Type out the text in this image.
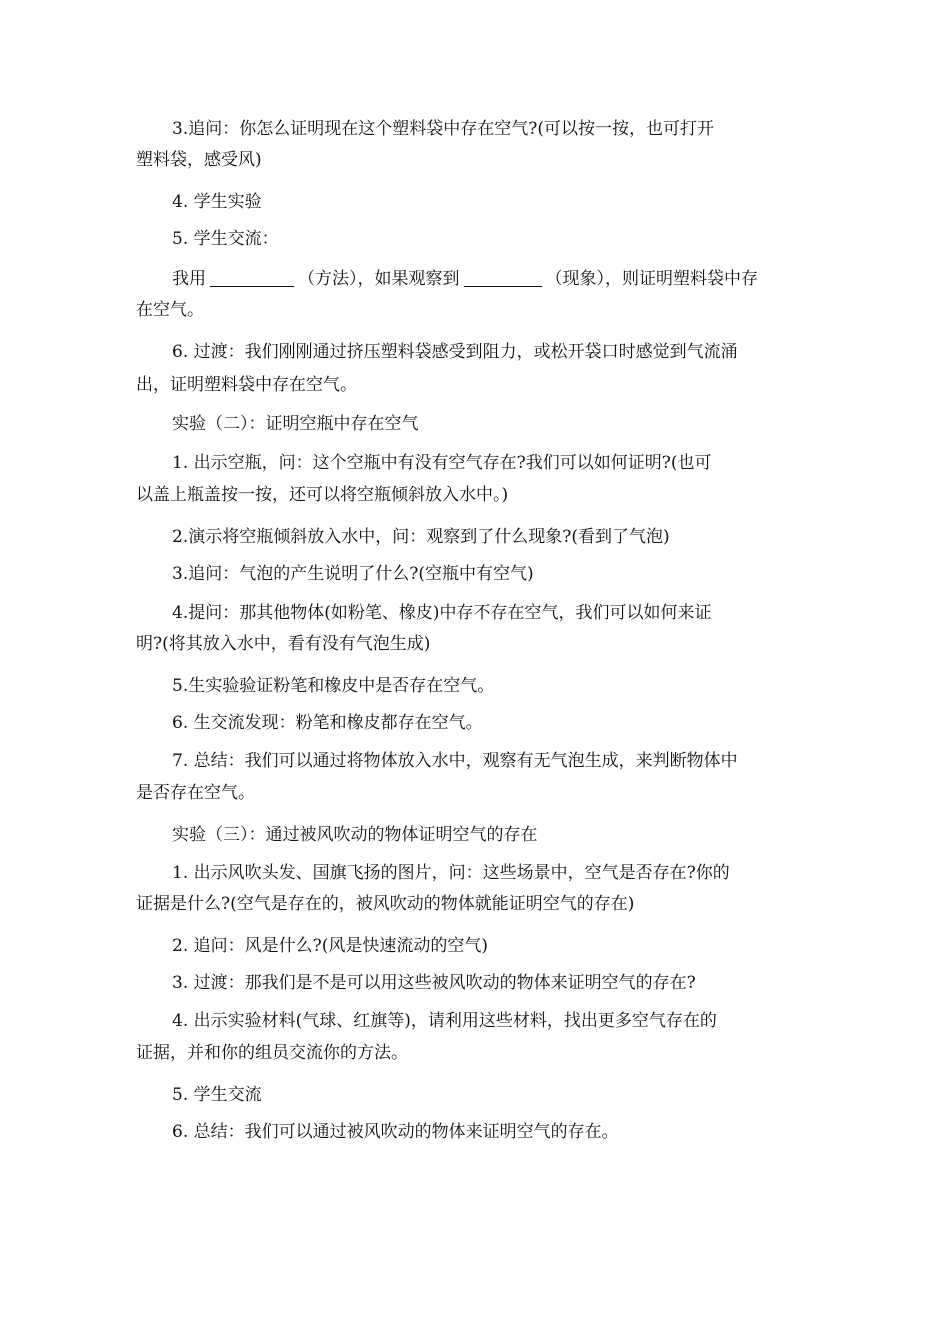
3.追问：你怎么证明现在这个塑料袋中存在空气?(可以按一按，也可打开
塑料袋，感受风)
4. 学生实验
5. 学生交流：
我用	（方法），如果观察到	（现象），则证明塑料袋中存
在空气。
6. 过渡：我们刚刚通过挤压塑料袋感受到阻力，或松开袋口时感觉到气流涌
出，证明塑料袋中存在空气。
实验（二）：证明空瓶中存在空气
1. 出示空瓶，问：这个空瓶中有没有空气存在?我们可以如何证明?(也可
以盖上瓶盖按一按，还可以将空瓶倾斜放入水中。)
2.演示将空瓶倾斜放入水中，问：观察到了什么现象?(看到了气泡)
3.追问：气泡的产生说明了什么?(空瓶中有空气)
4.提问：那其他物体(如粉笔、橡皮)中存不存在空气，我们可以如何来证
明?(将其放入水中，看有没有气泡生成)
5.生实验验证粉笔和橡皮中是否存在空气。
6. 生交流发现：粉笔和橡皮都存在空气。
7. 总结：我们可以通过将物体放入水中，观察有无气泡生成，来判断物体中
是否存在空气。
实验（三）：通过被风吹动的物体证明空气的存在
1. 出示风吹头发、国旗飞扬的图片，问：这些场景中，空气是否存在?你的
证据是什么?(空气是存在的，被风吹动的物体就能证明空气的存在)
2. 追问：风是什么?(风是快速流动的空气)
3. 过渡：那我们是不是可以用这些被风吹动的物体来证明空气的存在?
4. 出示实验材料(气球、红旗等)，请利用这些材料，找出更多空气存在的
证据，并和你的组员交流你的方法。
5. 学生交流
6. 总结：我们可以通过被风吹动的物体来证明空气的存在。
